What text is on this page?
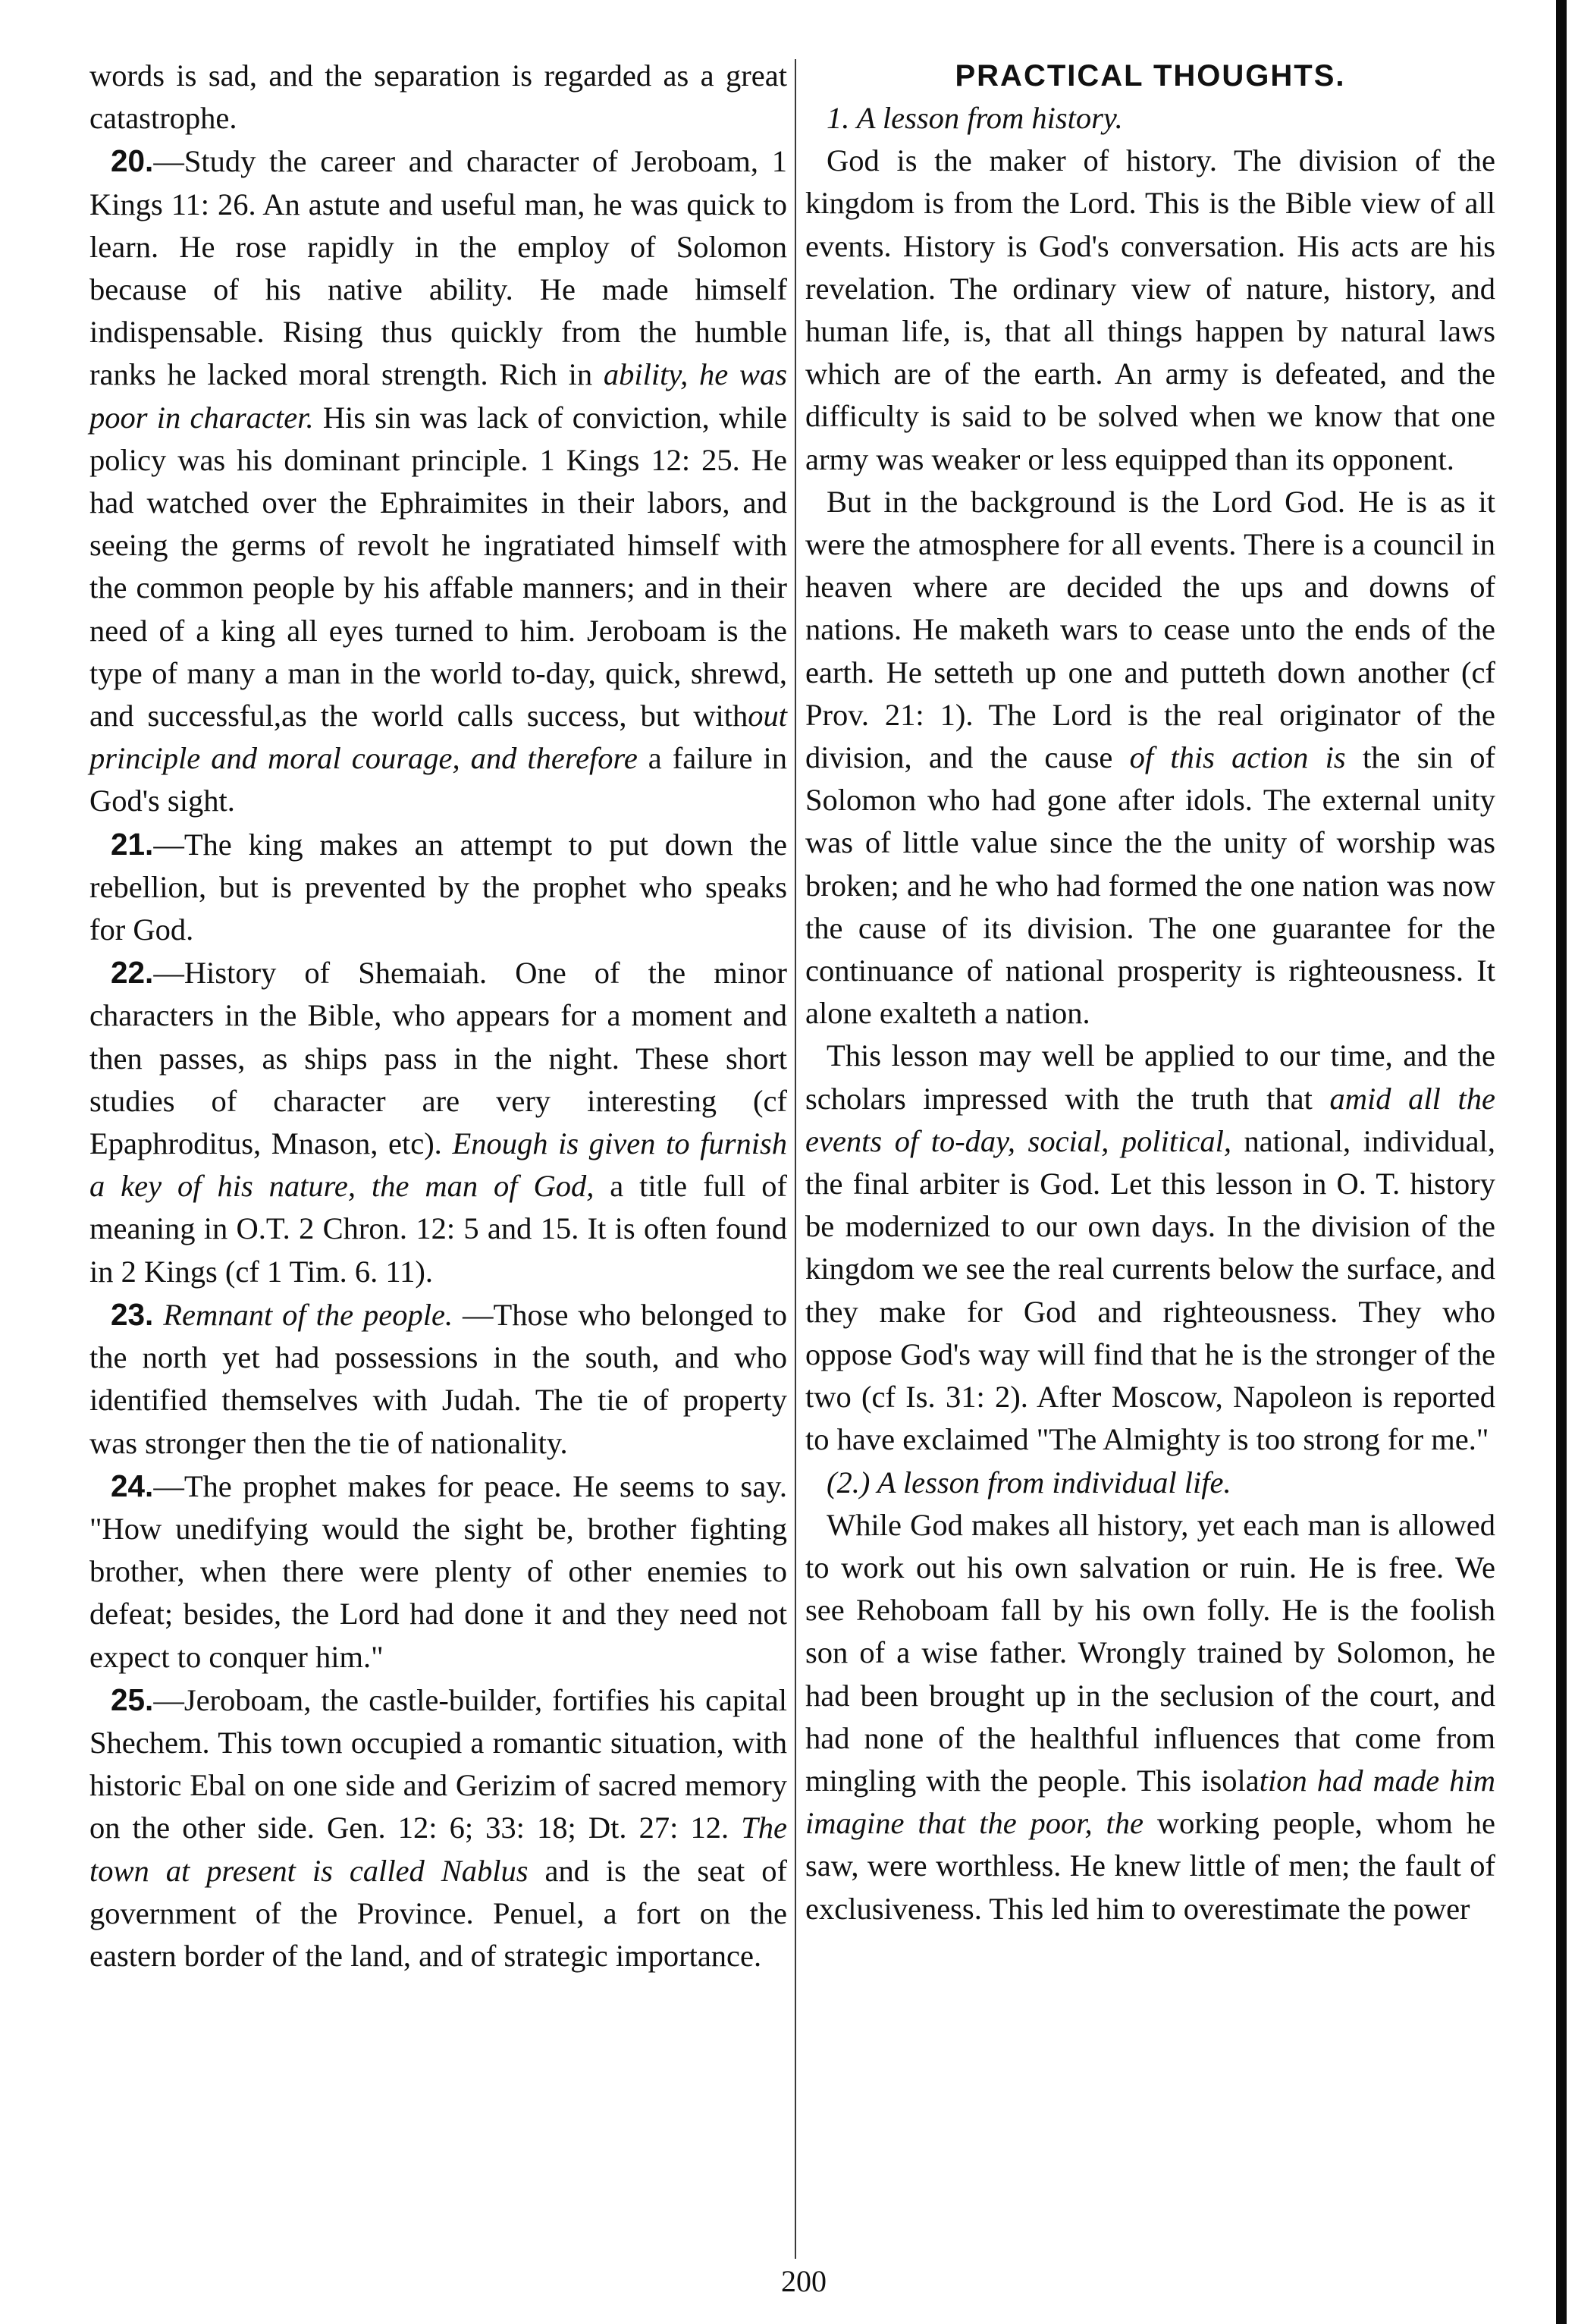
words is sad, and the separation is regarded as a great catastrophe.

20.—Study the career and character of Jeroboam, 1 Kings 11: 26. An astute and useful man, he was quick to learn. He rose rapidly in the employ of Solomon because of his native ability. He made himself indispensable. Rising thus quickly from the humble ranks he lacked moral strength. Rich in ability, he was poor in character. His sin was lack of conviction, while policy was his dominant principle. 1 Kings 12: 25. He had watched over the Ephraimites in their labors, and seeing the germs of revolt he ingratiated himself with the common people by his affable manners; and in their need of a king all eyes turned to him. Jeroboam is the type of many a man in the world to-day, quick, shrewd, and successful,as the world calls success, but without principle and moral courage, and therefore a failure in God's sight.

21.—The king makes an attempt to put down the rebellion, but is prevented by the prophet who speaks for God.

22.—History of Shemaiah. One of the minor characters in the Bible, who appears for a moment and then passes, as ships pass in the night. These short studies of character are very interesting (cf Epaphroditus, Mnason, etc). Enough is given to furnish a key of his nature, the man of God, a title full of meaning in O.T. 2 Chron. 12: 5 and 15. It is often found in 2 Kings (cf 1 Tim. 6. 11).

23. Remnant of the people. —Those who belonged to the north yet had possessions in the south, and who identified themselves with Judah. The tie of property was stronger then the tie of nationality.

24.—The prophet makes for peace. He seems to say. "How unedifying would the sight be, brother fighting brother, when there were plenty of other enemies to defeat; besides, the Lord had done it and they need not expect to conquer him."

25.—Jeroboam, the castle-builder, fortifies his capital Shechem. This town occupied a romantic situation, with historic Ebal on one side and Gerizim of sacred memory on the other side. Gen. 12: 6; 33: 18; Dt. 27: 12. The town at present is called Nablus and is the seat of government of the Province. Penuel, a fort on the eastern border of the land, and of strategic importance.

PRACTICAL THOUGHTS.

1. A lesson from history.

God is the maker of history. The division of the kingdom is from the Lord. This is the Bible view of all events. History is God's conversation. His acts are his revelation. The ordinary view of nature, history, and human life, is, that all things happen by natural laws which are of the earth. An army is defeated, and the difficulty is said to be solved when we know that one army was weaker or less equipped than its opponent.

But in the background is the Lord God. He is as it were the atmosphere for all events. There is a council in heaven where are decided the ups and downs of nations. He maketh wars to cease unto the ends of the earth. He setteth up one and putteth down another (cf Prov. 21: 1). The Lord is the real originator of the division, and the cause of this action is the sin of Solomon who had gone after idols. The external unity was of little value since the the unity of worship was broken; and he who had formed the one nation was now the cause of its division. The one guarantee for the continuance of national prosperity is righteousness. It alone exalteth a nation.

This lesson may well be applied to our time, and the scholars impressed with the truth that amid all the events of to-day, social, political, national, individual, the final arbiter is God. Let this lesson in O. T. history be modernized to our own days. In the division of the kingdom we see the real currents below the surface, and they make for God and righteousness. They who oppose God's way will find that he is the stronger of the two (cf Is. 31: 2). After Moscow, Napoleon is reported to have exclaimed "The Almighty is too strong for me."

(2.) A lesson from individual life.

While God makes all history, yet each man is allowed to work out his own salvation or ruin. He is free. We see Rehoboam fall by his own folly. He is the foolish son of a wise father. Wrongly trained by Solomon, he had been brought up in the seclusion of the court, and had none of the healthful influences that come from mingling with the people. This isolation had made him imagine that the poor, the working people, whom he saw, were worthless. He knew little of men; the fault of exclusiveness. This led him to overestimate the power

200
